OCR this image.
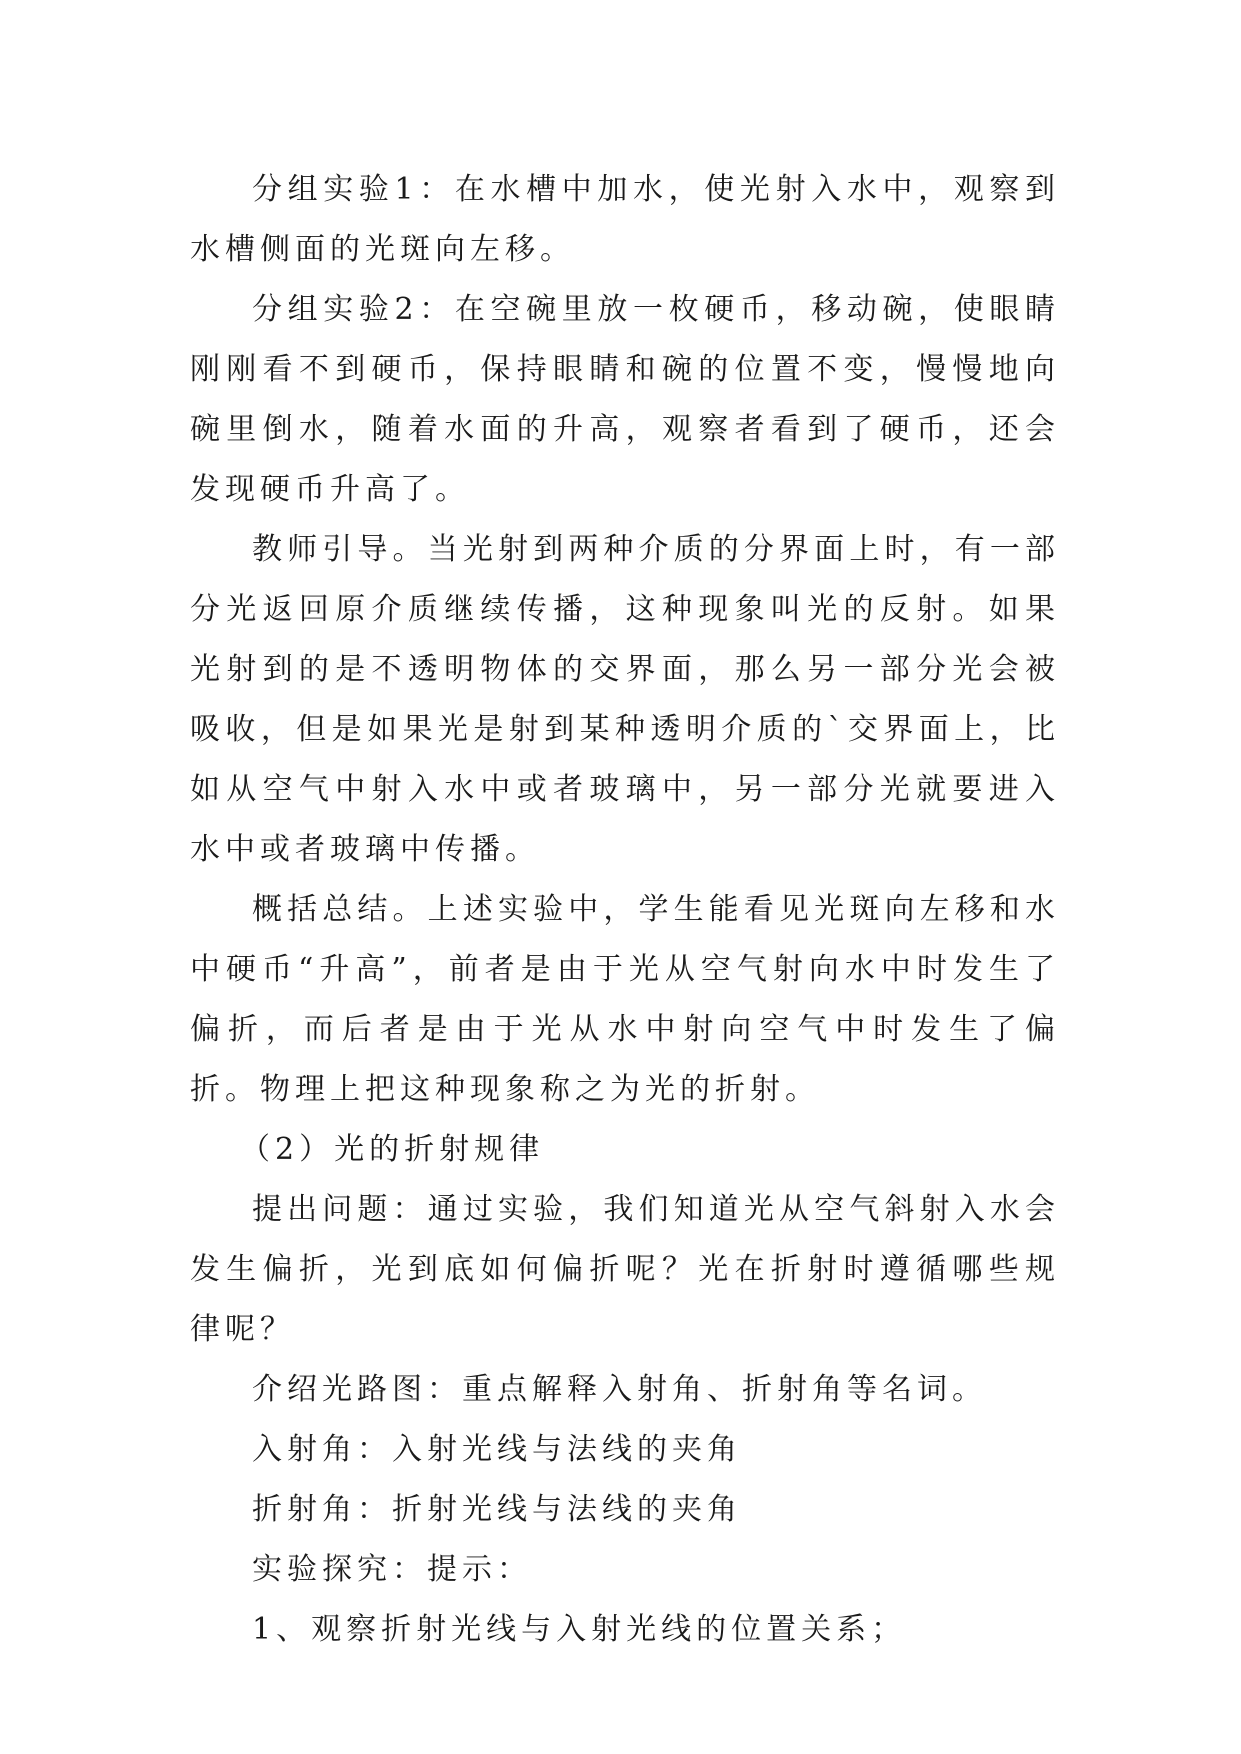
分组实验1：在水槽中加水，使光射入水中，观察到水槽侧面的光斑向左移。

分组实验2：在空碗里放一枚硬币，移动碗，使眼睛刚刚看不到硬币，保持眼睛和碗的位置不变，慢慢地向碗里倒水，随着水面的升高，观察者看到了硬币，还会发现硬币升高了。

教师引导。当光射到两种介质的分界面上时，有一部分光返回原介质继续传播，这种现象叫光的反射。如果光射到的是不透明物体的交界面，那么另一部分光会被吸收，但是如果光是射到某种透明介质的`交界面上，比如从空气中射入水中或者玻璃中，另一部分光就要进入水中或者玻璃中传播。

概括总结。上述实验中，学生能看见光斑向左移和水中硬币“升高”，前者是由于光从空气射向水中时发生了偏折，而后者是由于光从水中射向空气中时发生了偏折。物理上把这种现象称之为光的折射。

（2）光的折射规律

提出问题：通过实验，我们知道光从空气斜射入水会发生偏折，光到底如何偏折呢？光在折射时遵循哪些规律呢？

介绍光路图：重点解释入射角、折射角等名词。

入射角：入射光线与法线的夹角

折射角：折射光线与法线的夹角

实验探究：提示：

1、观察折射光线与入射光线的位置关系；
